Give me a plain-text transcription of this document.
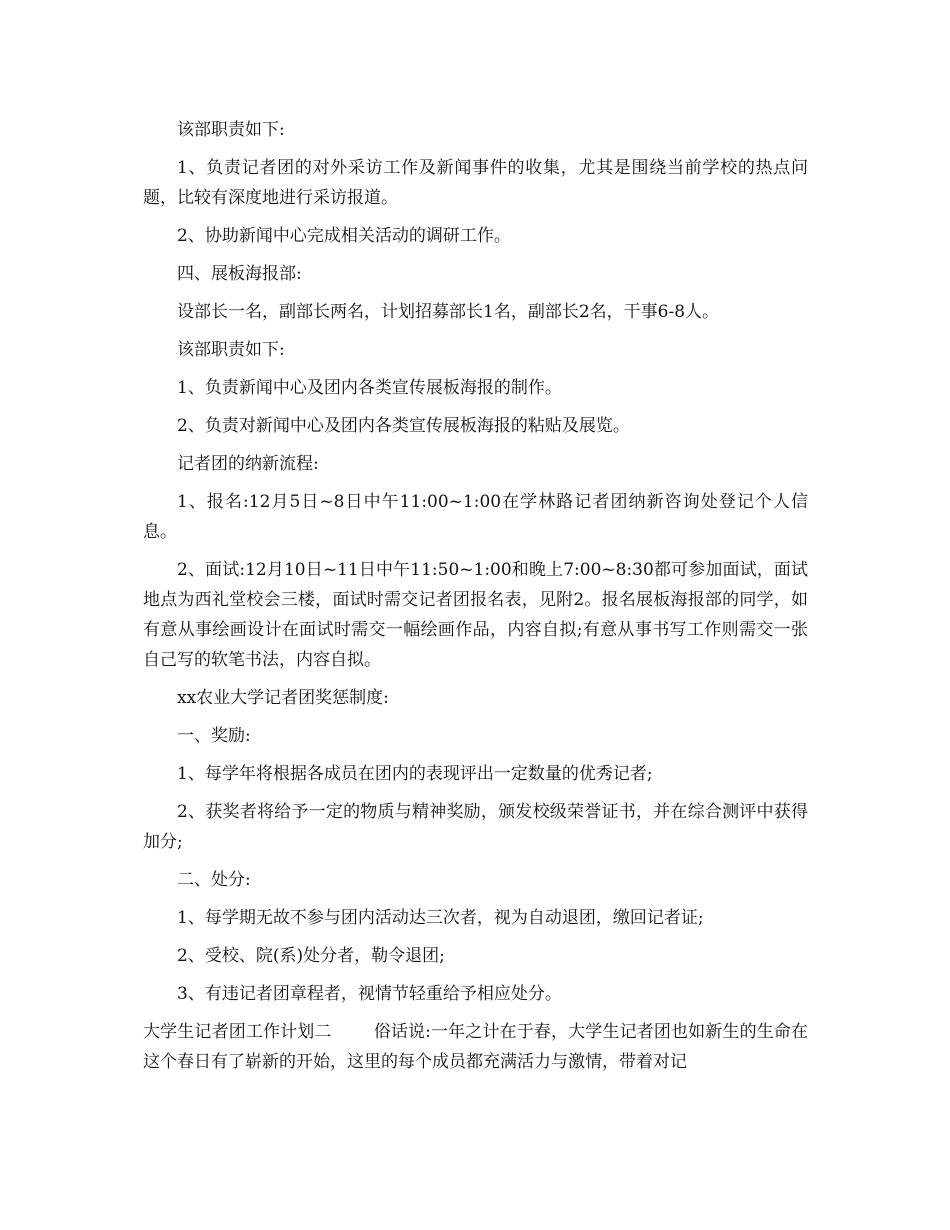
该部职责如下:

1、负责记者团的对外采访工作及新闻事件的收集，尤其是围绕当前学校的热点问题，比较有深度地进行采访报道。

2、协助新闻中心完成相关活动的调研工作。

四、展板海报部:

设部长一名，副部长两名，计划招募部长1名，副部长2名，干事6-8人。

该部职责如下:

1、负责新闻中心及团内各类宣传展板海报的制作。

2、负责对新闻中心及团内各类宣传展板海报的粘贴及展览。

记者团的纳新流程:

1、报名:12月5日~8日中午11:00~1:00在学林路记者团纳新咨询处登记个人信息。

2、面试:12月10日~11日中午11:50~1:00和晚上7:00~8:30都可参加面试，面试地点为西礼堂校会三楼，面试时需交记者团报名表，见附2。报名展板海报部的同学，如有意从事绘画设计在面试时需交一幅绘画作品，内容自拟;有意从事书写工作则需交一张自己写的软笔书法，内容自拟。

xx农业大学记者团奖惩制度:

一、奖励:

1、每学年将根据各成员在团内的表现评出一定数量的优秀记者;

2、获奖者将给予一定的物质与精神奖励，颁发校级荣誉证书，并在综合测评中获得加分;

二、处分:

1、每学期无故不参与团内活动达三次者，视为自动退团，缴回记者证;

2、受校、院(系)处分者，勒令退团;

3、有违记者团章程者，视情节轻重给予相应处分。

大学生记者团工作计划二 俗话说:一年之计在于春，大学生记者团也如新生的生命在这个春日有了崭新的开始，这里的每个成员都充满活力与激情，带着对记
